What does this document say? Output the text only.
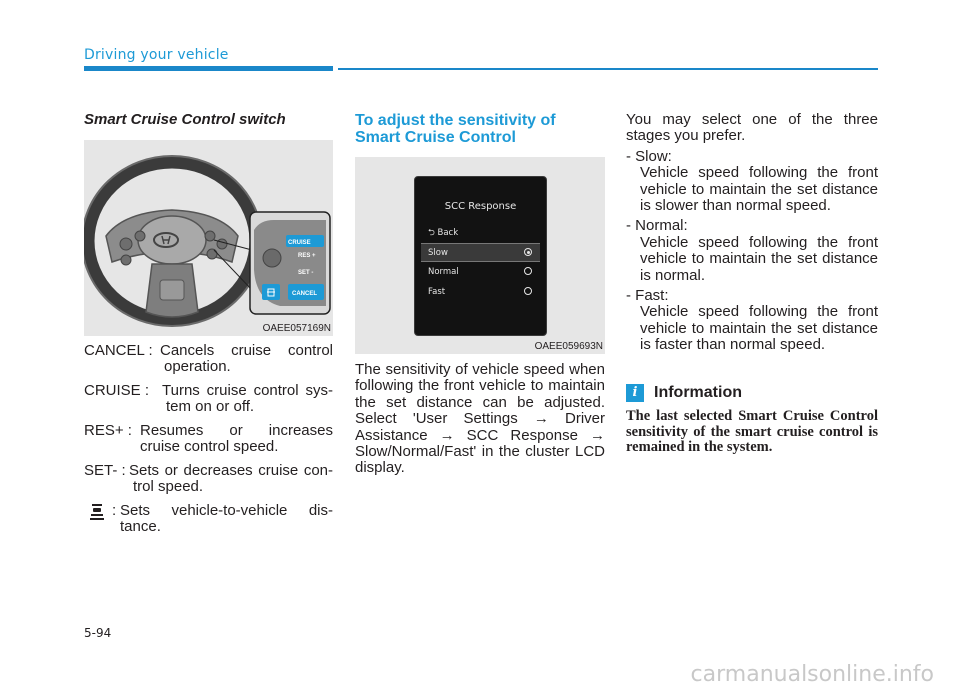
Driving your vehicle
Smart Cruise Control switch
CRUISE
RES +
SET -
CANCEL
OAEE057169N
CANCEL : Cancels cruise control
operation.
CRUISE : Turns cruise control sys-
tem on or off.
RES+ : Resumes or increases
cruise control speed.
SET- : Sets or decreases cruise con-
trol speed.
: Sets vehicle-to-vehicle dis-
tance.
To adjust the sensitivity of
Smart Cruise Control
SCC Response
⮌ Back
Slow
Normal
Fast
OAEE059693N
The sensitivity of vehicle speed when following the front vehicle to maintain the set distance can be adjusted. Select 'User Settings → Driver Assistance → SCC Response → Slow/Normal/Fast' in the cluster LCD display.

You may select one of the three stages you prefer.

- Slow:
Vehicle speed following the front vehicle to maintain the set distance is slower than normal speed.
- Normal:
Vehicle speed following the front vehicle to maintain the set distance is normal.
- Fast:
Vehicle speed following the front vehicle to maintain the set distance is faster than normal speed.
i	Information
The last selected Smart Cruise Control sensitivity of the smart cruise control is remained in the system.
5-94
carmanualsonline.info
